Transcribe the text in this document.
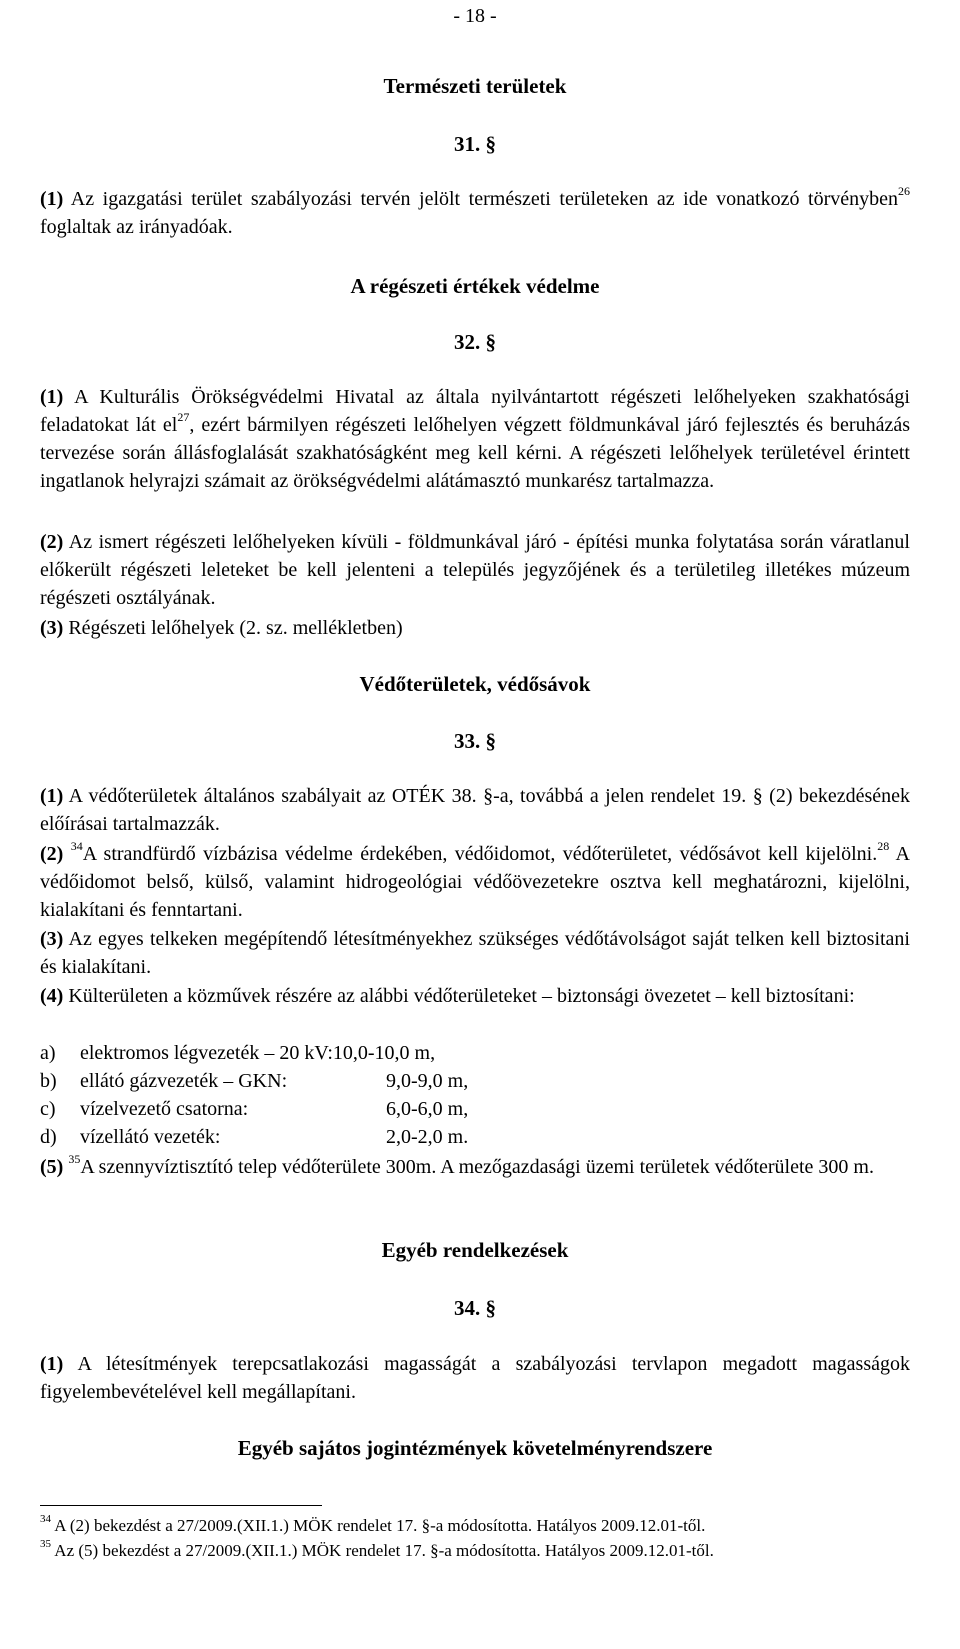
- 18 -
Természeti területek
31. §
(1) Az igazgatási terület szabályozási tervén jelölt természeti területeken az ide vonatkozó törvényben$^{26}$ foglaltak az irányadóak.
A régészeti értékek védelme
32. §
(1) A Kulturális Örökségvédelmi Hivatal az általa nyilvántartott régészeti lelőhelyeken szakhatósági feladatokat lát $el^{27}$, ezért bármilyen régészeti lelőhelyen végzett földmunkával járó fejlesztés és beruházás tervezése során állásfoglalását szakhatóságként meg kell kérni. A régészeti lelőhelyek területével érintett ingatlanok helyrajzi számait az örökségvédelmi alátámasztó munkarész tartalmazza.
(2) Az ismert régészeti lelőhelyeken kívüli - földmunkával járó - építési munka folytatása során váratlanul előkerült régészeti leleteket be kell jelenteni a település jegyzőjének és a területileg illetékes múzeum régészeti osztályának.
(3) Régészeti lelőhelyek (2. sz. mellékletben)
Védőterületek, védősávok
33. §
(1) A védőterületek általános szabályait az OTÉK 38. §-a, továbbá a jelen rendelet 19. § (2) bekezdésének előírásai tartalmazzák.
(2) $^{34}$A strandfürdő vízbázisa védelme érdekében, védőidomot, védőterületet, védősávot kell kijelölni.$^{28}$ A védőidomot belső, külső, valamint hidrogeológiai védőövezetekre osztva kell meghatározni, kijelölni, kialakítani és fenntartani.
(3) Az egyes telkeken megépítendő létesítményekhez szükséges védőtávolságot saját telken kell biztositani és kialakítani.
(4) Külterületen a közművek részére az alábbi védőterületeket – biztonsági övezetet – kell biztosítani:
a) elektromos légvezeték – 20 kV:10,0-10,0 m,
b) ellátó gázvezeték – GKN:	9,0-9,0 m,
c) vízelvezető csatorna:	6,0-6,0 m,
d) vízellátó vezeték:	2,0-2,0 m.
(5) $^{35}$A szennyvíztisztító telep védőterülete 300m. A mezőgazdasági üzemi területek védőterülete 300 m.
Egyéb rendelkezések
34. §
(1) A létesítmények terepcsatlakozási magasságát a szabályozási tervlapon megadott magasságok figyelembevételével kell megállapítani.
Egyéb sajátos jogintézmények követelményrendszere
$^{34}$ A (2) bekezdést a 27/2009.(XII.1.) MÖK rendelet 17. §-a módosította. Hatályos 2009.12.01-től.
$^{35}$ Az (5) bekezdést a 27/2009.(XII.1.) MÖK rendelet 17. §-a módosította. Hatályos 2009.12.01-től.
